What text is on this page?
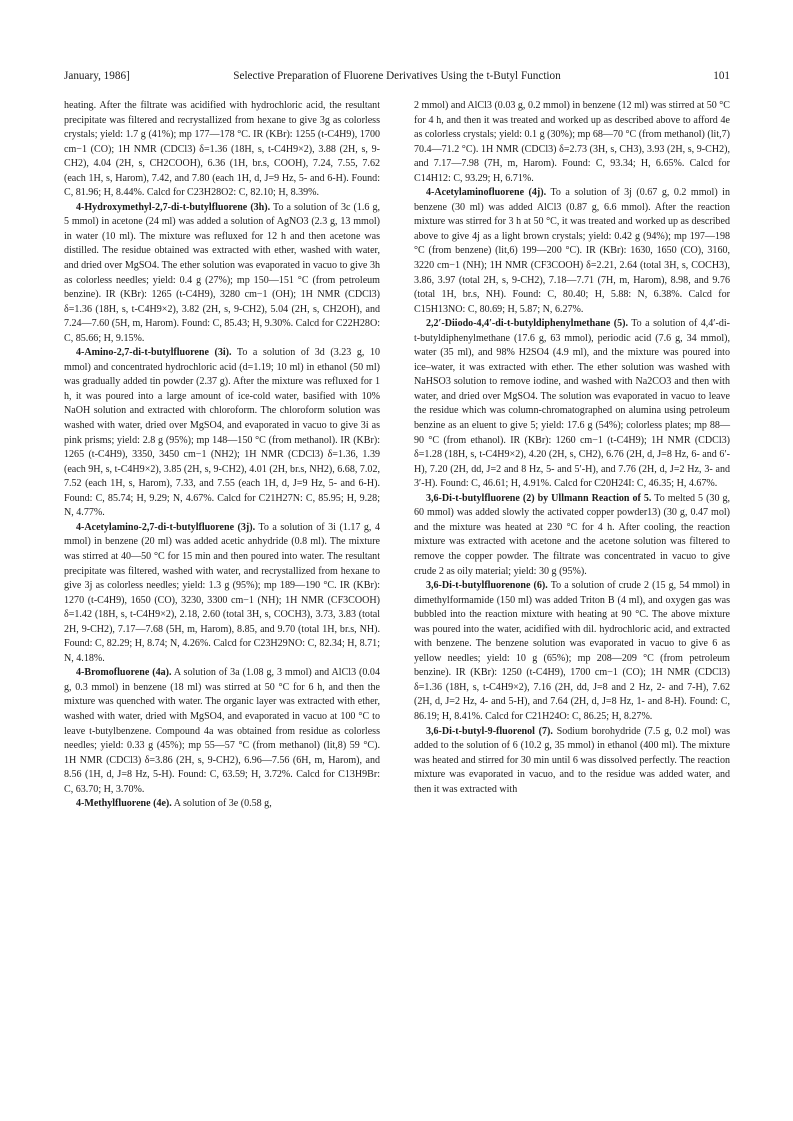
January, 1986]	Selective Preparation of Fluorene Derivatives Using the t-Butyl Function	101

heating. After the filtrate was acidified with hydrochloric acid, the resultant precipitate was filtered and recrystallized from hexane to give 3g as colorless crystals; yield: 1.7 g (41%); mp 177—178 °C. IR (KBr): 1255 (t-C4H9), 1700 cm−1 (CO); 1H NMR (CDCl3) δ=1.36 (18H, s, t-C4H9×2), 3.88 (2H, s, 9-CH2), 4.04 (2H, s, CH2COOH), 6.36 (1H, br.s, COOH), 7.24, 7.55, 7.62 (each 1H, s, Harom), 7.42, and 7.80 (each 1H, d, J=9 Hz, 5- and 6-H). Found: C, 81.96; H, 8.44%. Calcd for C23H28O2: C, 82.10; H, 8.39%.

4-Hydroxymethyl-2,7-di-t-butylfluorene (3h). To a solution of 3c (1.6 g, 5 mmol) in acetone (24 ml) was added a solution of AgNO3 (2.3 g, 13 mmol) in water (10 ml). The mixture was refluxed for 12 h and then acetone was distilled. The residue obtained was extracted with ether, washed with water, and dried over MgSO4. The ether solution was evaporated in vacuo to give 3h as colorless needles; yield: 0.4 g (27%); mp 150—151 °C (from petroleum benzine). IR (KBr): 1265 (t-C4H9), 3280 cm−1 (OH); 1H NMR (CDCl3) δ=1.36 (18H, s, t-C4H9×2), 3.82 (2H, s, 9-CH2), 5.04 (2H, s, CH2OH), and 7.24—7.60 (5H, m, Harom). Found: C, 85.43; H, 9.30%. Calcd for C22H28O: C, 85.66; H, 9.15%.

4-Amino-2,7-di-t-butylfluorene (3i). To a solution of 3d (3.23 g, 10 mmol) and concentrated hydrochloric acid (d=1.19; 10 ml) in ethanol (50 ml) was gradually added tin powder (2.37 g). After the mixture was refluxed for 1 h, it was poured into a large amount of ice-cold water, basified with 10% NaOH solution and extracted with chloroform. The chloroform solution was washed with water, dried over MgSO4, and evaporated in vacuo to give 3i as pink prisms; yield: 2.8 g (95%); mp 148—150 °C (from methanol). IR (KBr): 1265 (t-C4H9), 3350, 3450 cm−1 (NH2); 1H NMR (CDCl3) δ=1.36, 1.39 (each 9H, s, t-C4H9×2), 3.85 (2H, s, 9-CH2), 4.01 (2H, br.s, NH2), 6.68, 7.02, 7.52 (each 1H, s, Harom), 7.33, and 7.55 (each 1H, d, J=9 Hz, 5- and 6-H). Found: C, 85.74; H, 9.29; N, 4.67%. Calcd for C21H27N: C, 85.95; H, 9.28; N, 4.77%.

4-Acetylamino-2,7-di-t-butylfluorene (3j). To a solution of 3i (1.17 g, 4 mmol) in benzene (20 ml) was added acetic anhydride (0.8 ml). The mixture was stirred at 40—50 °C for 15 min and then poured into water. The resultant precipitate was filtered, washed with water, and recrystallized from hexane to give 3j as colorless needles; yield: 1.3 g (95%); mp 189—190 °C. IR (KBr): 1270 (t-C4H9), 1650 (CO), 3230, 3300 cm−1 (NH); 1H NMR (CF3COOH) δ=1.42 (18H, s, t-C4H9×2), 2.18, 2.60 (total 3H, s, COCH3), 3.73, 3.83 (total 2H, 9-CH2), 7.17—7.68 (5H, m, Harom), 8.85, and 9.70 (total 1H, br.s, NH). Found: C, 82.29; H, 8.74; N, 4.26%. Calcd for C23H29NO: C, 82.34; H, 8.71; N, 4.18%.

4-Bromofluorene (4a). A solution of 3a (1.08 g, 3 mmol) and AlCl3 (0.04 g, 0.3 mmol) in benzene (18 ml) was stirred at 50 °C for 6 h, and then the mixture was quenched with water. The organic layer was extracted with ether, washed with water, dried with MgSO4, and evaporated in vacuo at 100 °C to leave t-butylbenzene. Compound 4a was obtained from residue as colorless needles; yield: 0.33 g (45%); mp 55—57 °C (from methanol) (lit,8) 59 °C). 1H NMR (CDCl3) δ=3.86 (2H, s, 9-CH2), 6.96—7.56 (6H, m, Harom), and 8.56 (1H, d, J=8 Hz, 5-H). Found: C, 63.59; H, 3.72%. Calcd for C13H9Br: C, 63.70; H, 3.70%.

4-Methylfluorene (4e). A solution of 3e (0.58 g,

2 mmol) and AlCl3 (0.03 g, 0.2 mmol) in benzene (12 ml) was stirred at 50 °C for 4 h, and then it was treated and worked up as described above to afford 4e as colorless crystals; yield: 0.1 g (30%); mp 68—70 °C (from methanol) (lit,7) 70.4—71.2 °C). 1H NMR (CDCl3) δ=2.73 (3H, s, CH3), 3.93 (2H, s, 9-CH2), and 7.17—7.98 (7H, m, Harom). Found: C, 93.34; H, 6.65%. Calcd for C14H12: C, 93.29; H, 6.71%.

4-Acetylaminofluorene (4j). To a solution of 3j (0.67 g, 0.2 mmol) in benzene (30 ml) was added AlCl3 (0.87 g, 6.6 mmol). After the reaction mixture was stirred for 3 h at 50 °C, it was treated and worked up as described above to give 4j as a light brown crystals; yield: 0.42 g (94%); mp 197—198 °C (from benzene) (lit,6) 199—200 °C). IR (KBr): 1630, 1650 (CO), 3160, 3220 cm−1 (NH); 1H NMR (CF3COOH) δ=2.21, 2.64 (total 3H, s, COCH3), 3.86, 3.97 (total 2H, s, 9-CH2), 7.18—7.71 (7H, m, Harom), 8.98, and 9.76 (total 1H, br.s, NH). Found: C, 80.40; H, 5.88: N, 6.38%. Calcd for C15H13NO: C, 80.69; H, 5.87; N, 6.27%.

2,2′-Diiodo-4,4′-di-t-butyldiphenylmethane (5). To a solution of 4,4′-di-t-butyldiphenylmethane (17.6 g, 63 mmol), periodic acid (7.6 g, 34 mmol), water (35 ml), and 98% H2SO4 (4.9 ml), and the mixture was poured into ice–water, it was extracted with ether. The ether solution was washed with NaHSO3 solution to remove iodine, and washed with Na2CO3 and then with water, and dried over MgSO4. The solution was evaporated in vacuo to leave the residue which was column-chromatographed on alumina using petroleum benzine as an eluent to give 5; yield: 17.6 g (54%); colorless plates; mp 88—90 °C (from ethanol). IR (KBr): 1260 cm−1 (t-C4H9); 1H NMR (CDCl3) δ=1.28 (18H, s, t-C4H9×2), 4.20 (2H, s, CH2), 6.76 (2H, d, J=8 Hz, 6- and 6′-H), 7.20 (2H, dd, J=2 and 8 Hz, 5- and 5′-H), and 7.76 (2H, d, J=2 Hz, 3- and 3′-H). Found: C, 46.61; H, 4.91%. Calcd for C20H24I: C, 46.35; H, 4.67%.

3,6-Di-t-butylfluorene (2) by Ullmann Reaction of 5. To melted 5 (30 g, 60 mmol) was added slowly the activated copper powder13) (30 g, 0.47 mol) and the mixture was heated at 230 °C for 4 h. After cooling, the reaction mixture was extracted with acetone and the acetone solution was filtered to remove the copper powder. The filtrate was concentrated in vacuo to give crude 2 as oily material; yield: 30 g (95%).

3,6-Di-t-butylfluorenone (6). To a solution of crude 2 (15 g, 54 mmol) in dimethylformamide (150 ml) was added Triton B (4 ml), and oxygen gas was bubbled into the reaction mixture with heating at 90 °C. The above mixture was poured into the water, acidified with dil. hydrochloric acid, and extracted with benzene. The benzene solution was evaporated in vacuo to give 6 as yellow needles; yield: 10 g (65%); mp 208—209 °C (from petroleum benzine). IR (KBr): 1250 (t-C4H9), 1700 cm−1 (CO); 1H NMR (CDCl3) δ=1.36 (18H, s, t-C4H9×2), 7.16 (2H, dd, J=8 and 2 Hz, 2- and 7-H), 7.62 (2H, d, J=2 Hz, 4- and 5-H), and 7.64 (2H, d, J=8 Hz, 1- and 8-H). Found: C, 86.19; H, 8.41%. Calcd for C21H24O: C, 86.25; H, 8.27%.

3,6-Di-t-butyl-9-fluorenol (7). Sodium borohydride (7.5 g, 0.2 mol) was added to the solution of 6 (10.2 g, 35 mmol) in ethanol (400 ml). The mixture was heated and stirred for 30 min until 6 was dissolved perfectly. The reaction mixture was evaporated in vacuo, and to the residue was added water, and then it was extracted with
